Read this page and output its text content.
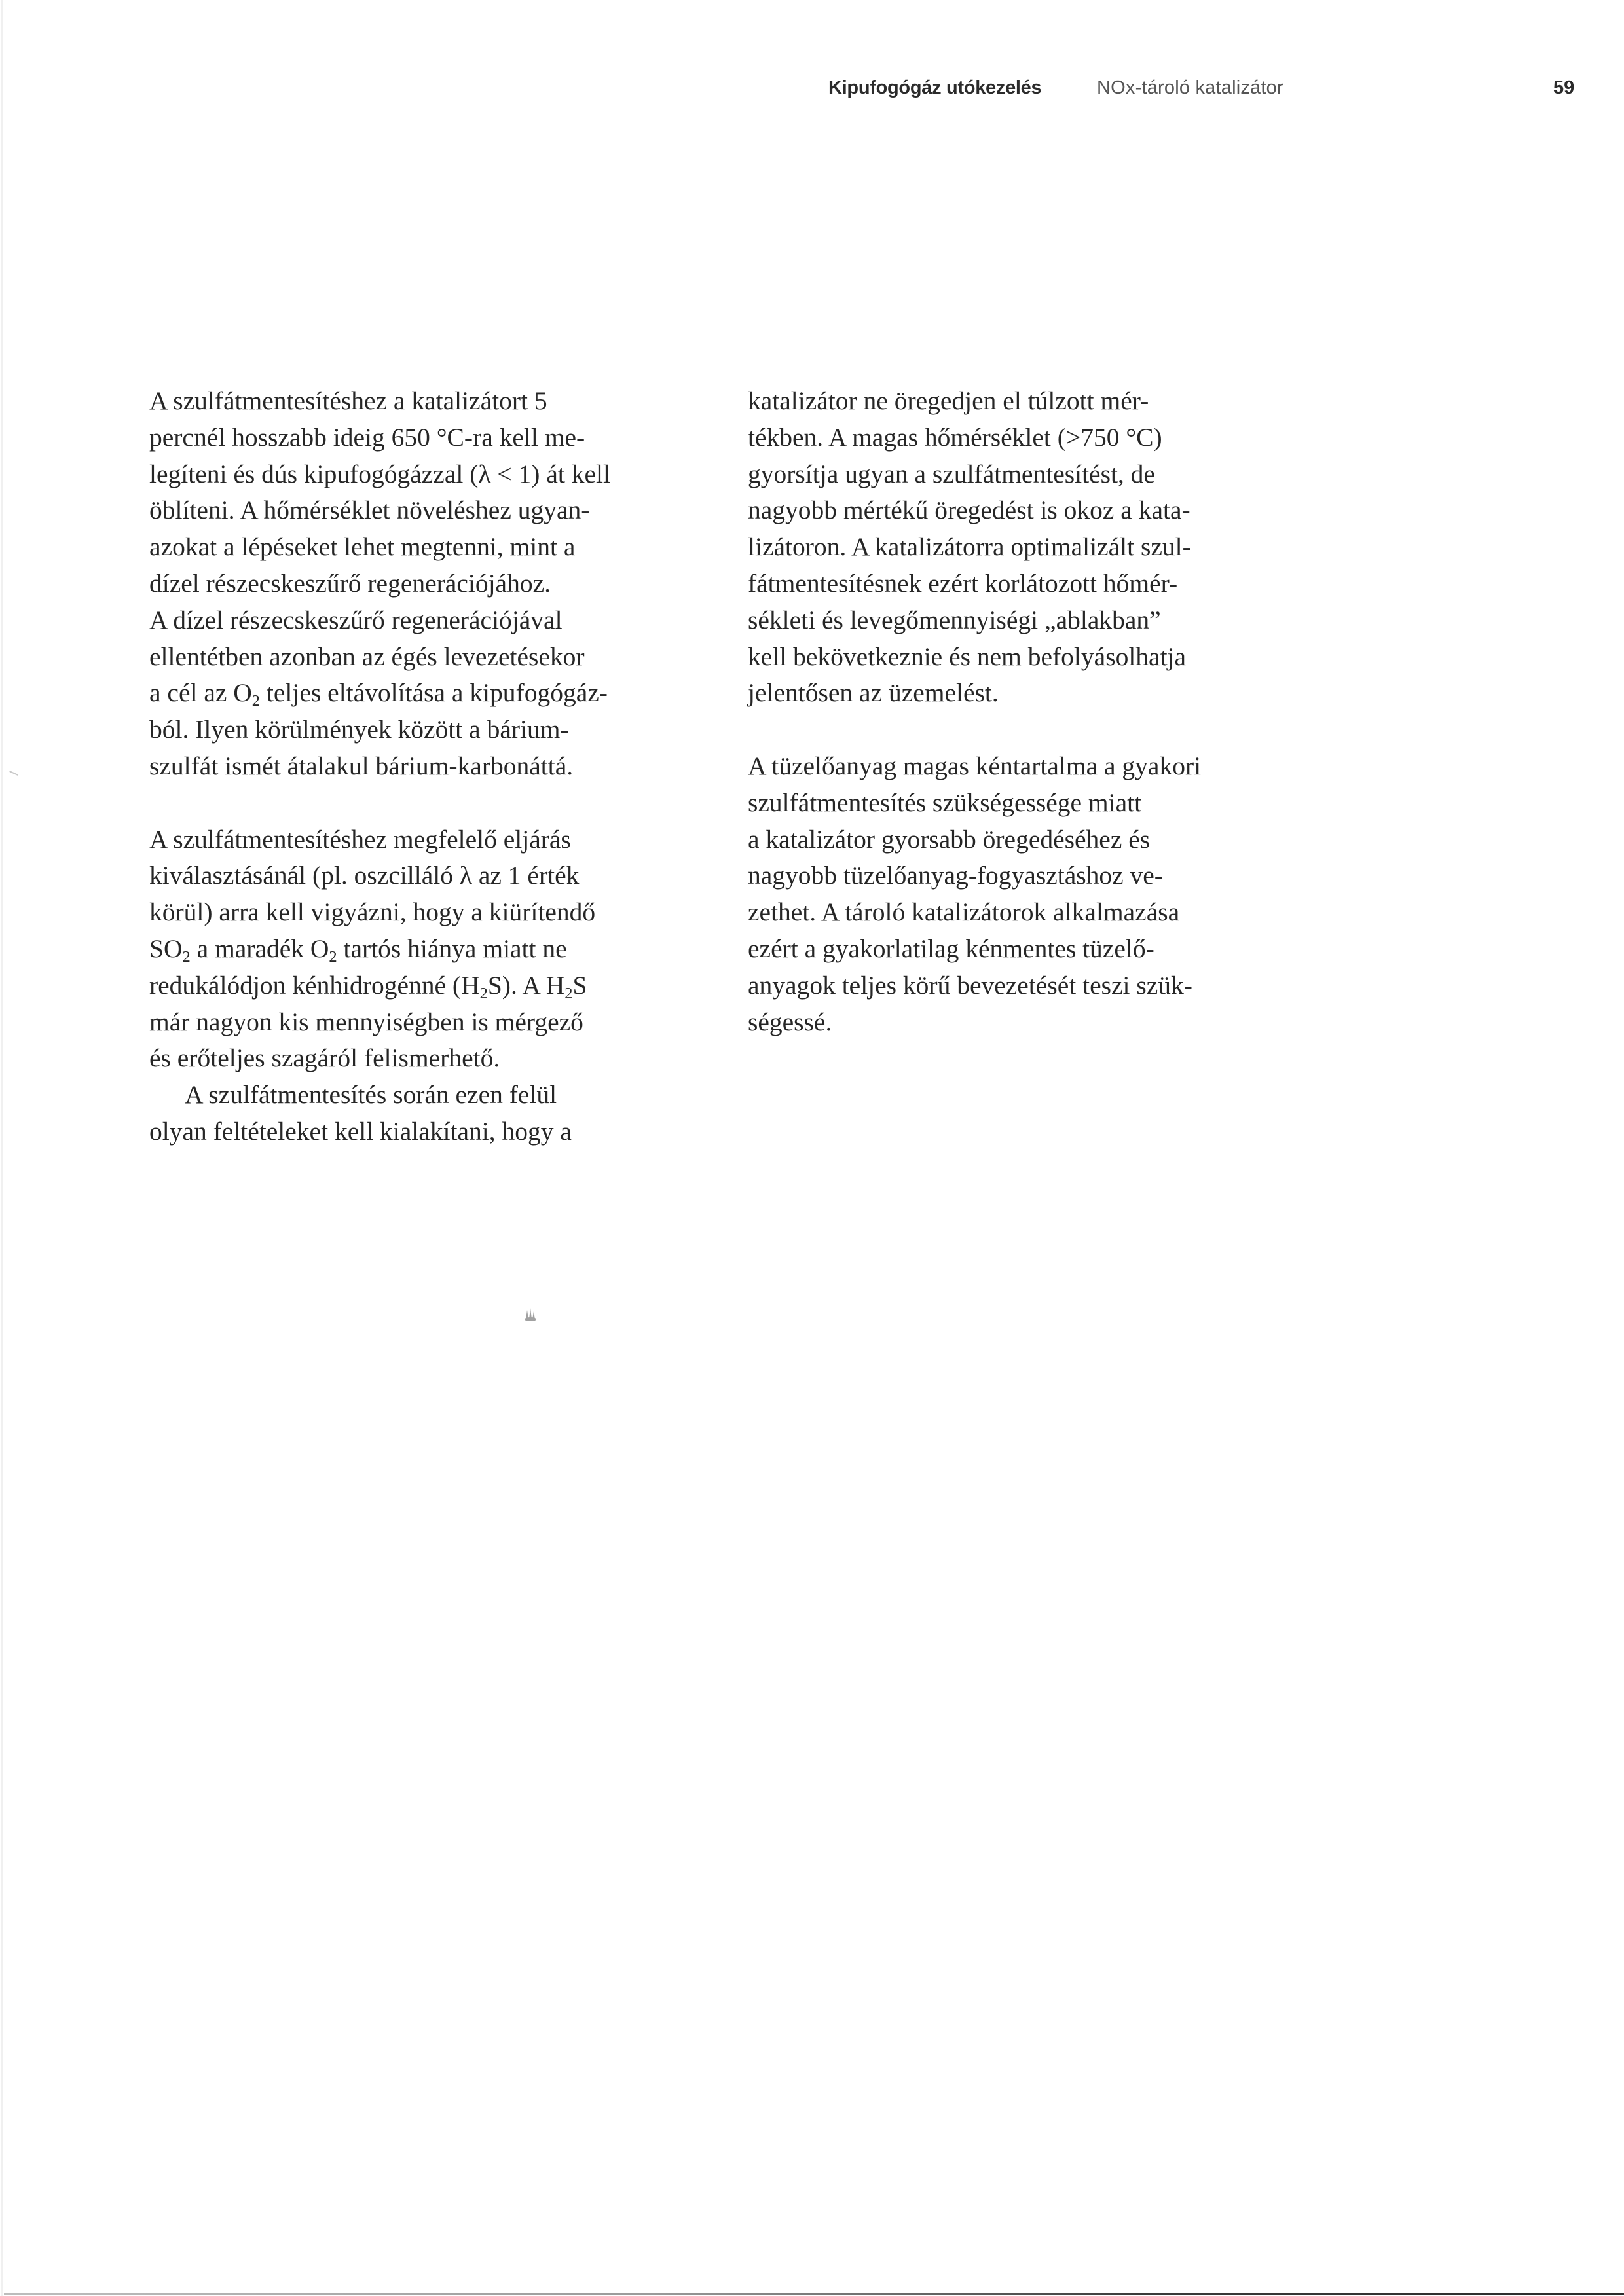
Kipufogógáz utókezelés	NOx-tároló katalizátor	59
A szulfátmentesítéshez a katalizátort 5
percnél hosszabb ideig 650 °C-ra kell me-
legíteni és dús kipufogógázzal (λ < 1) át kell
öblíteni. A hőmérséklet növeléshez ugyan-
azokat a lépéseket lehet megtenni, mint a
dízel részecskeszűrő regenerációjához.
A dízel részecskeszűrő regenerációjával
ellentétben azonban az égés levezetésekor
a cél az $O_2$ teljes eltávolítása a kipufogógáz-
ból. Ilyen körülmények között a bárium-
szulfát ismét átalakul bárium-karbonáttá.
A szulfátmentesítéshez megfelelő eljárás
kiválasztásánál (pl. oszcilláló λ az 1 érték
körül) arra kell vigyázni, hogy a kiürítendő
$SO_2$ a maradék $O_2$ tartós hiánya miatt ne
redukálódjon kénhidrogénné $(H_2S)$. A $H_2S$
már nagyon kis mennyiségben is mérgező
és erőteljes szagáról felismerhető.
A szulfátmentesítés során ezen felül
olyan feltételeket kell kialakítani, hogy a
katalizátor ne öregedjen el túlzott mér-
tékben. A magas hőmérséklet (>750 °C)
gyorsítja ugyan a szulfátmentesítést, de
nagyobb mértékű öregedést is okoz a kata-
lizátoron. A katalizátorra optimalizált szul-
fátmentesítésnek ezért korlátozott hőmér-
sékleti és levegőmennyiségi „ablakban”
kell bekövetkeznie és nem befolyásolhatja
jelentősen az üzemelést.
A tüzelőanyag magas kéntartalma a gyakori
szulfátmentesítés szükségessége miatt
a katalizátor gyorsabb öregedéséhez és
nagyobb tüzelőanyag-fogyasztáshoz ve-
zethet. A tároló katalizátorok alkalmazása
ezért a gyakorlatilag kénmentes tüzelő-
anyagok teljes körű bevezetését teszi szük-
ségessé.
